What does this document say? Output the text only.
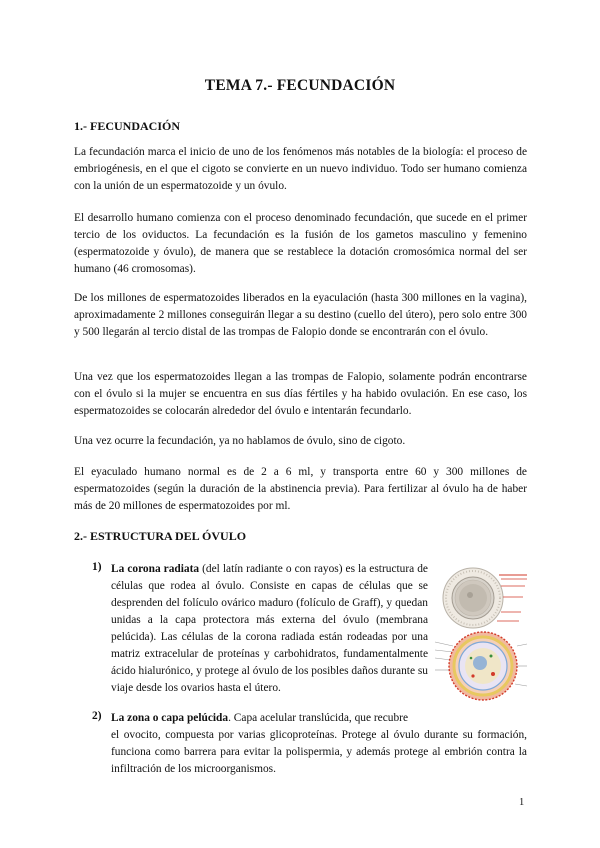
TEMA 7.- FECUNDACIÓN
1.- FECUNDACIÓN

La fecundación marca el inicio de uno de los fenómenos más notables de la biología: el proceso de embriogénesis, en el que el cigoto se convierte en un nuevo individuo. Todo ser humano comienza con la unión de un espermatozoide y un óvulo.

El desarrollo humano comienza con el proceso denominado fecundación, que sucede en el primer tercio de los oviductos. La fecundación es la fusión de los gametos masculino y femenino (espermatozoide y óvulo), de manera que se restablece la dotación cromosómica normal del ser humano (46 cromosomas).

De los millones de espermatozoides liberados en la eyaculación (hasta 300 millones en la vagina), aproximadamente 2 millones conseguirán llegar a su destino (cuello del útero), pero solo entre 300 y 500 llegarán al tercio distal de las trompas de Falopio donde se encontrarán con el óvulo.

Una vez que los espermatozoides llegan a las trompas de Falopio, solamente podrán encontrarse con el óvulo si la mujer se encuentra en sus días fértiles y ha habido ovulación. En ese caso, los espermatozoides se colocarán alrededor del óvulo e intentarán fecundarlo.

Una vez ocurre la fecundación, ya no hablamos de óvulo, sino de cigoto.

El eyaculado humano normal es de 2 a 6 ml, y transporta entre 60 y 300 millones de espermatozoides (según la duración de la abstinencia previa). Para fertilizar al óvulo ha de haber más de 20 millones de espermatozoides por ml.

2.- ESTRUCTURA DEL ÓVULO
1) La corona radiata (del latín radiante o con rayos) es la estructura de células que rodea al óvulo. Consiste en capas de células que se desprenden del folículo ovárico maduro (folículo de Graff), y quedan unidas a la capa protectora más externa del óvulo (membrana pelúcida). Las células de la corona radiada están rodeadas por una matriz extracelular de proteínas y carbohidratos, fundamentalmente ácido hialurónico, y protege al óvulo de los posibles daños durante su viaje desde los ovarios hasta el útero.
2) La zona o capa pelúcida. Capa acelular translúcida, que recubre
el ovocito, compuesta por varias glicoproteínas. Protege al óvulo durante su formación, funciona como barrera para evitar la polispermia, y además protege al embrión contra la infiltración de los microorganismos.
1
